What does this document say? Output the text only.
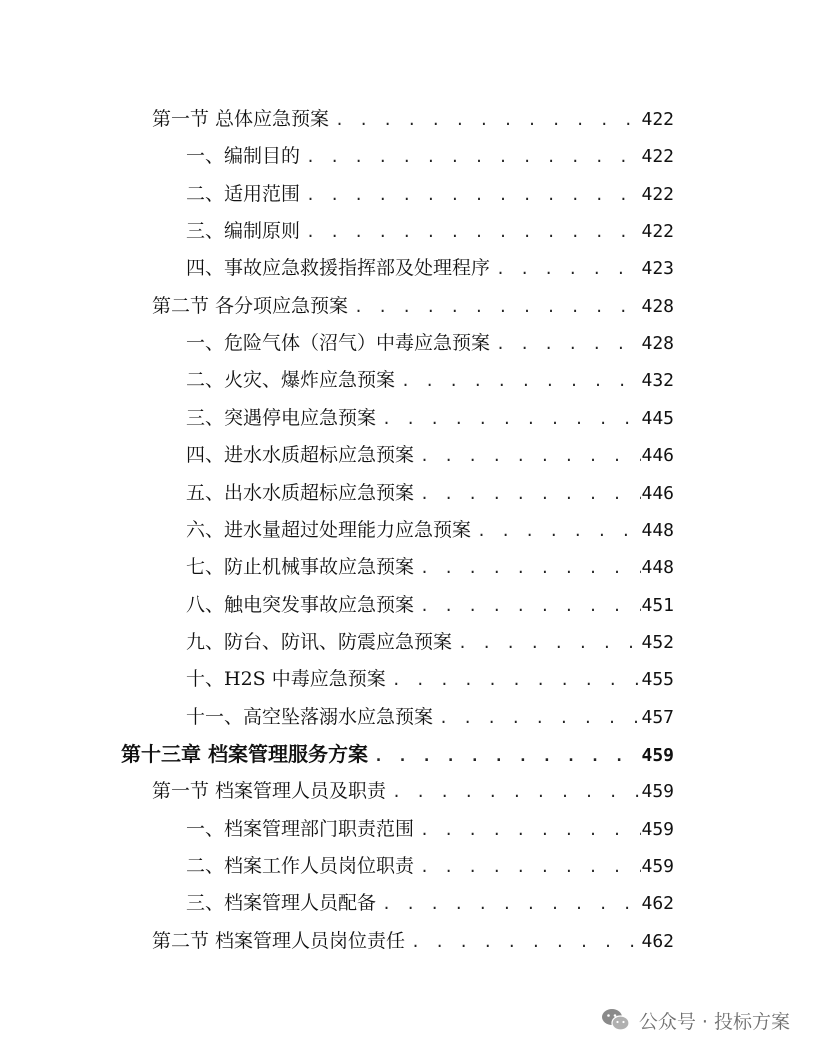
第一节 总体应急预案 . . .	422
一、编制目的 . . .	422
二、适用范围 . . .	422
三、编制原则 . . .	422
四、事故应急救援指挥部及处理程序 . . .	423
第二节 各分项应急预案 . . .	428
一、危险气体（沼气）中毒应急预案 . . .	428
二、火灾、爆炸应急预案 . . .	432
三、突遇停电应急预案 . . .	445
四、进水水质超标应急预案 . . .	446
五、出水水质超标应急预案 . . .	446
六、进水量超过处理能力应急预案 . . .	448
七、防止机械事故应急预案 . . .	448
八、触电突发事故应急预案 . . .	451
九、防台、防讯、防震应急预案 . . .	452
十、H2S 中毒应急预案 . . .	455
十一、高空坠落溺水应急预案 . . .	457
第十三章 档案管理服务方案 . . .	459
第一节 档案管理人员及职责 . . .	459
一、档案管理部门职责范围 . . .	459
二、档案工作人员岗位职责 . . .	459
三、档案管理人员配备 . . .	462
第二节 档案管理人员岗位责任 . . .	462
公众号 · 投标方案
